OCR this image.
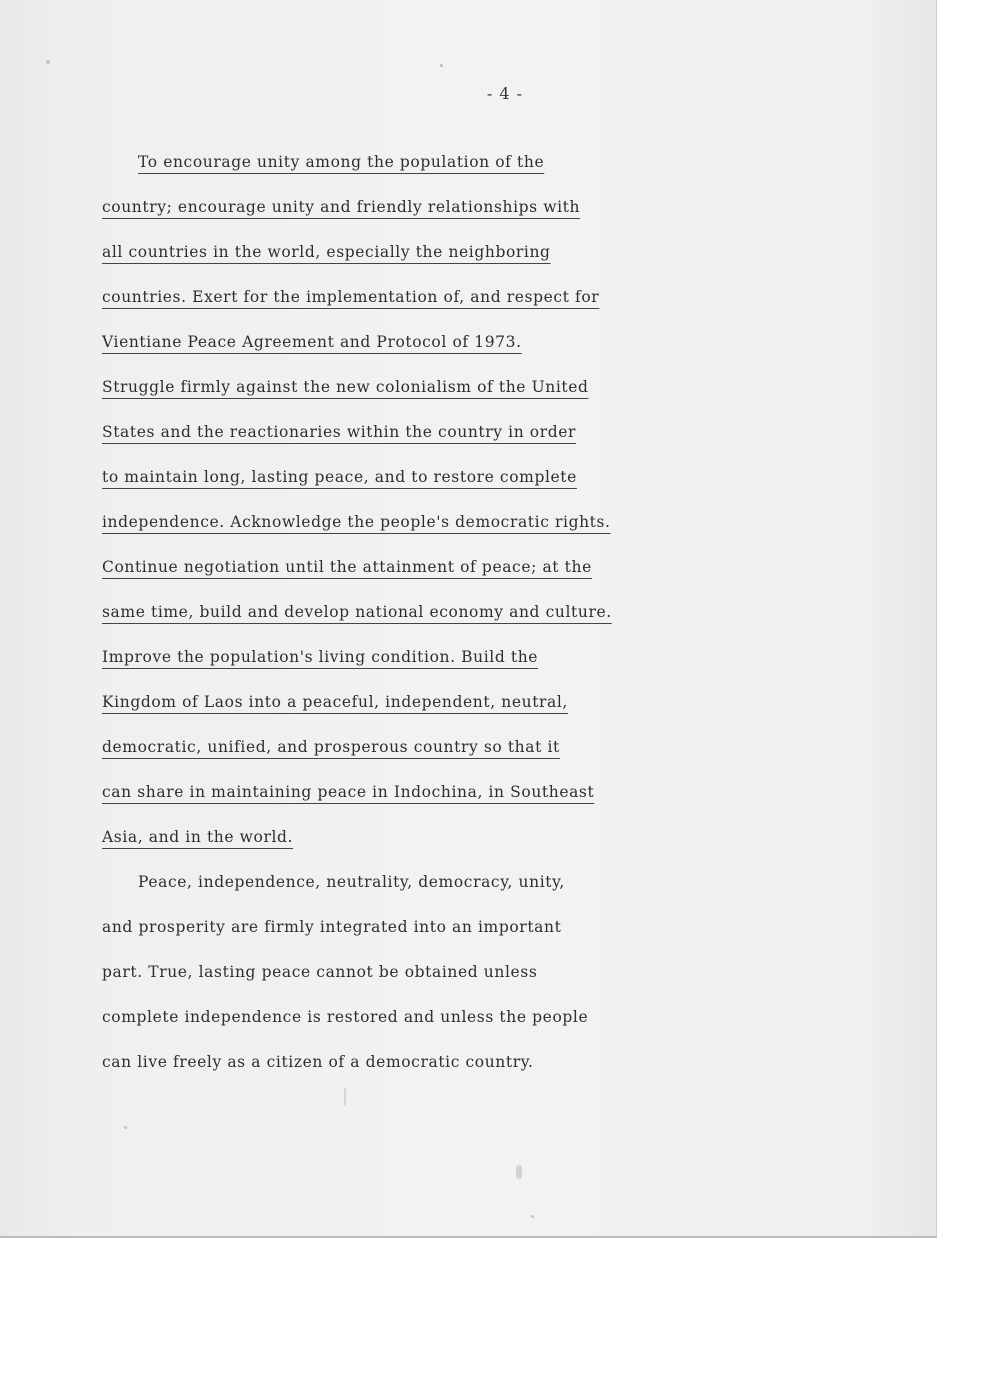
- 4 -
To encourage unity among the population of the
country; encourage unity and friendly relationships with
all countries in the world, especially the neighboring
countries. Exert for the implementation of, and respect for
Vientiane Peace Agreement and Protocol of 1973.
Struggle firmly against the new colonialism of the United
States and the reactionaries within the country in order
to maintain long, lasting peace, and to restore complete
independence. Acknowledge the people's democratic rights.
Continue negotiation until the attainment of peace; at the
same time, build and develop national economy and culture.
Improve the population's living condition. Build the
Kingdom of Laos into a peaceful, independent, neutral,
democratic, unified, and prosperous country so that it
can share in maintaining peace in Indochina, in Southeast
Asia, and in the world.
Peace, independence, neutrality, democracy, unity,
and prosperity are firmly integrated into an important
part. True, lasting peace cannot be obtained unless
complete independence is restored and unless the people
can live freely as a citizen of a democratic country.
